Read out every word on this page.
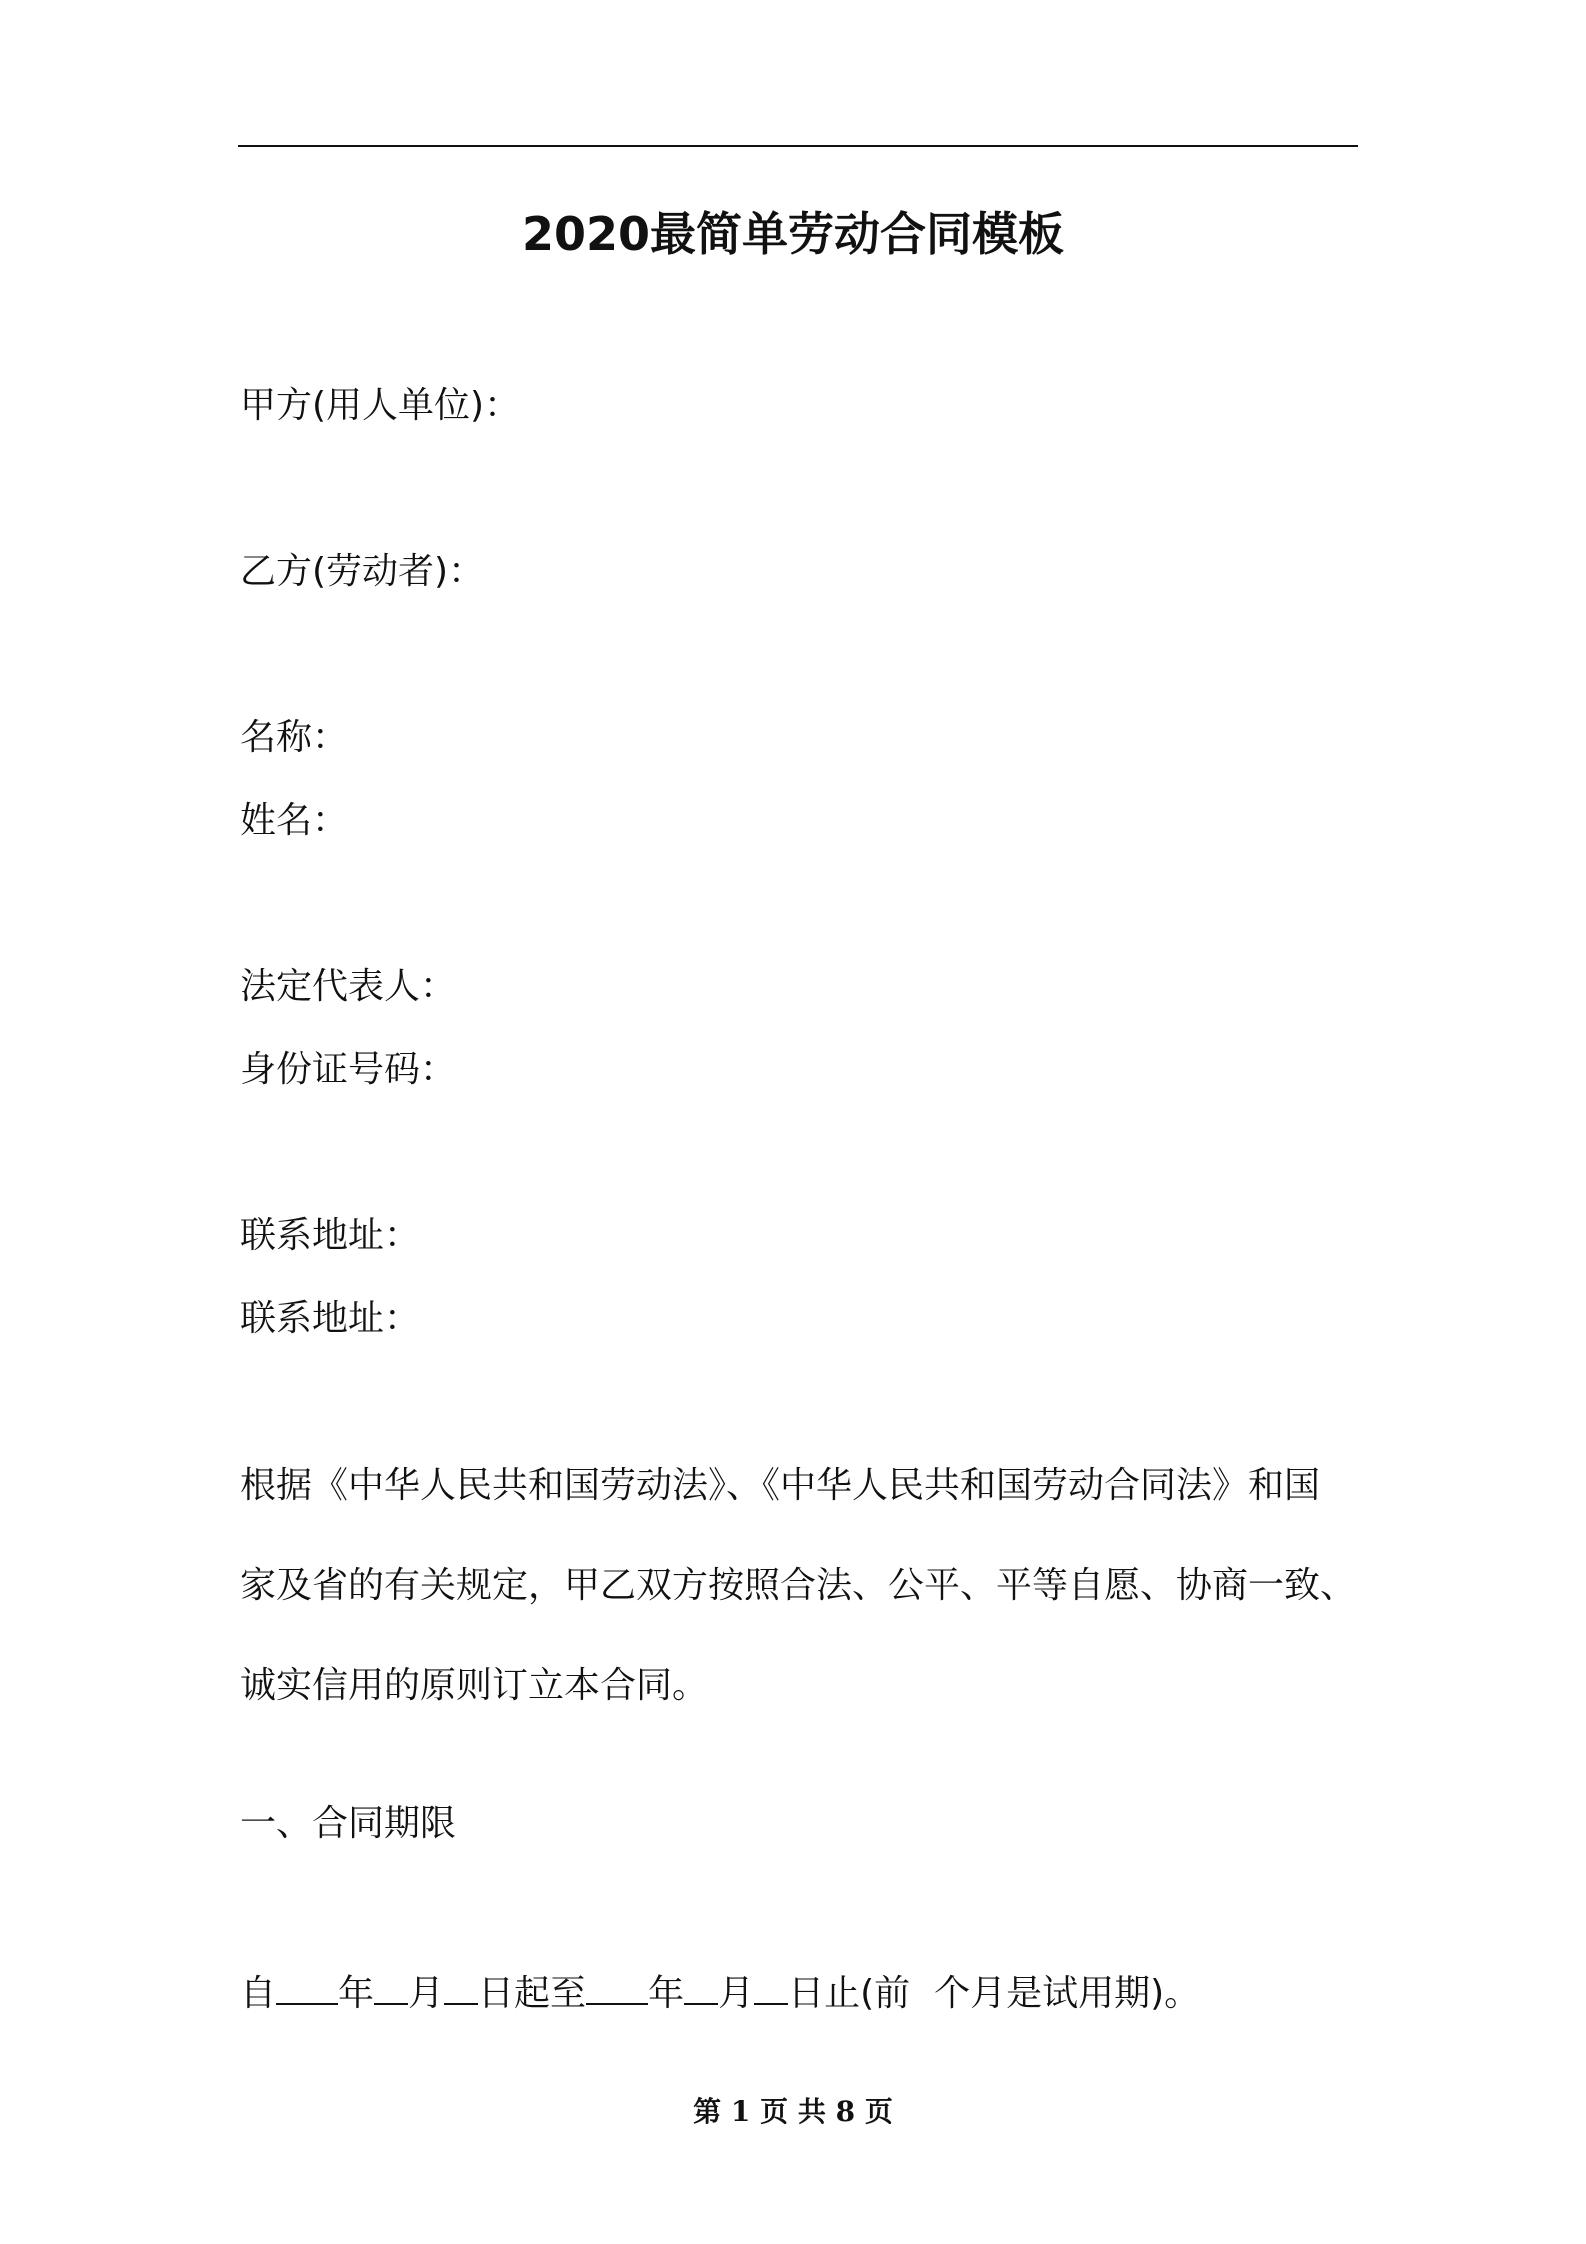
2020最简单劳动合同模板
甲方(用人单位)：
乙方(劳动者)：
名称：
姓名：
法定代表人：
身份证号码：
联系地址：
联系地址：
根据《中华人民共和国劳动法》、《中华人民共和国劳动合同法》和国
家及省的有关规定，甲乙双方按照合法、公平、平等自愿、协商一致、
诚实信用的原则订立本合同。
一、合同期限
自 年 月 日起至 年 月 日止(前 个月是试用期)。
第 1 页 共 8 页
